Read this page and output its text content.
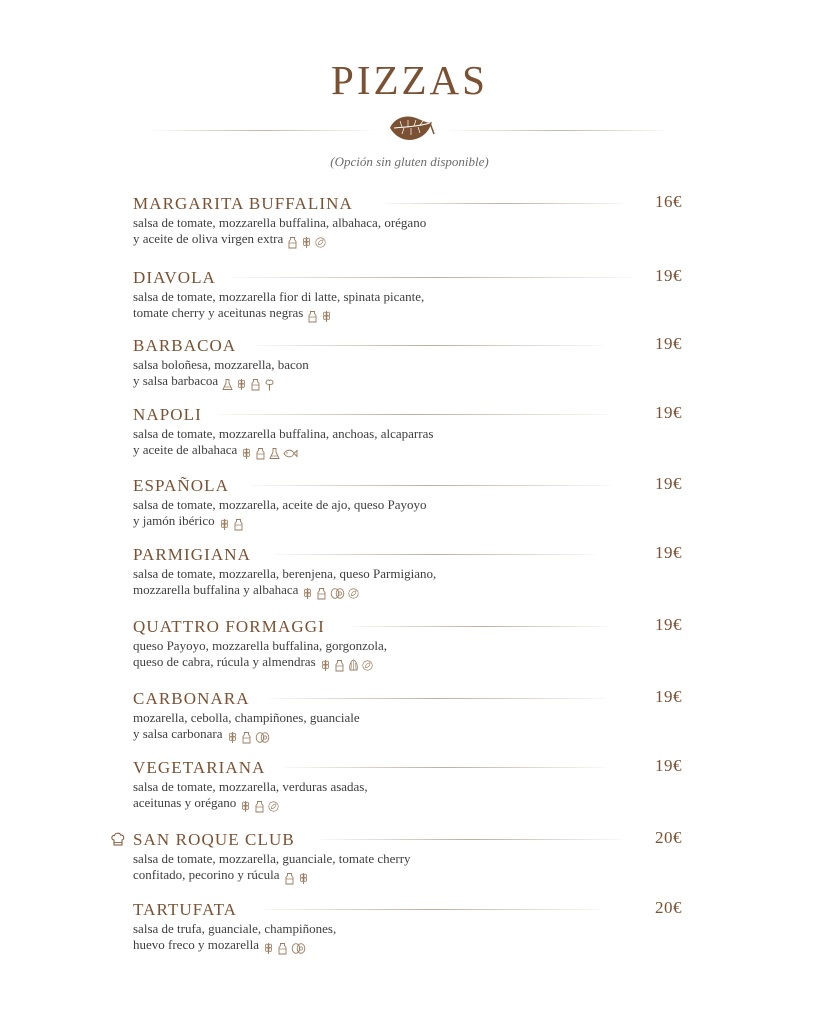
PIZZAS
(Opción sin gluten disponible)
MARGARITA BUFFALINA	16€
salsa de tomate, mozzarella buffalina, albahaca, orégano
y aceite de oliva virgen extra
DIAVOLA	19€
salsa de tomate, mozzarella fior di latte, spinata picante,
tomate cherry y aceitunas negras
BARBACOA	19€
salsa boloñesa, mozzarella, bacon
y salsa barbacoa
NAPOLI	19€
salsa de tomate, mozzarella buffalina, anchoas, alcaparras
y aceite de albahaca
ESPAÑOLA	19€
salsa de tomate, mozzarella, aceite de ajo, queso Payoyo
y jamón ibérico
PARMIGIANA	19€
salsa de tomate, mozzarella, berenjena, queso Parmigiano,
mozzarella buffalina y albahaca
QUATTRO FORMAGGI	19€
queso Payoyo, mozzarella buffalina, gorgonzola,
queso de cabra, rúcula y almendras
CARBONARA	19€
mozarella, cebolla, champiñones, guanciale
y salsa carbonara
VEGETARIANA	19€
salsa de tomate, mozzarella, verduras asadas,
aceitunas y orégano
SAN ROQUE CLUB	20€
salsa de tomate, mozzarella, guanciale, tomate cherry
confitado, pecorino y rúcula
TARTUFATA	20€
salsa de trufa, guanciale, champiñones,
huevo freco y mozarella
